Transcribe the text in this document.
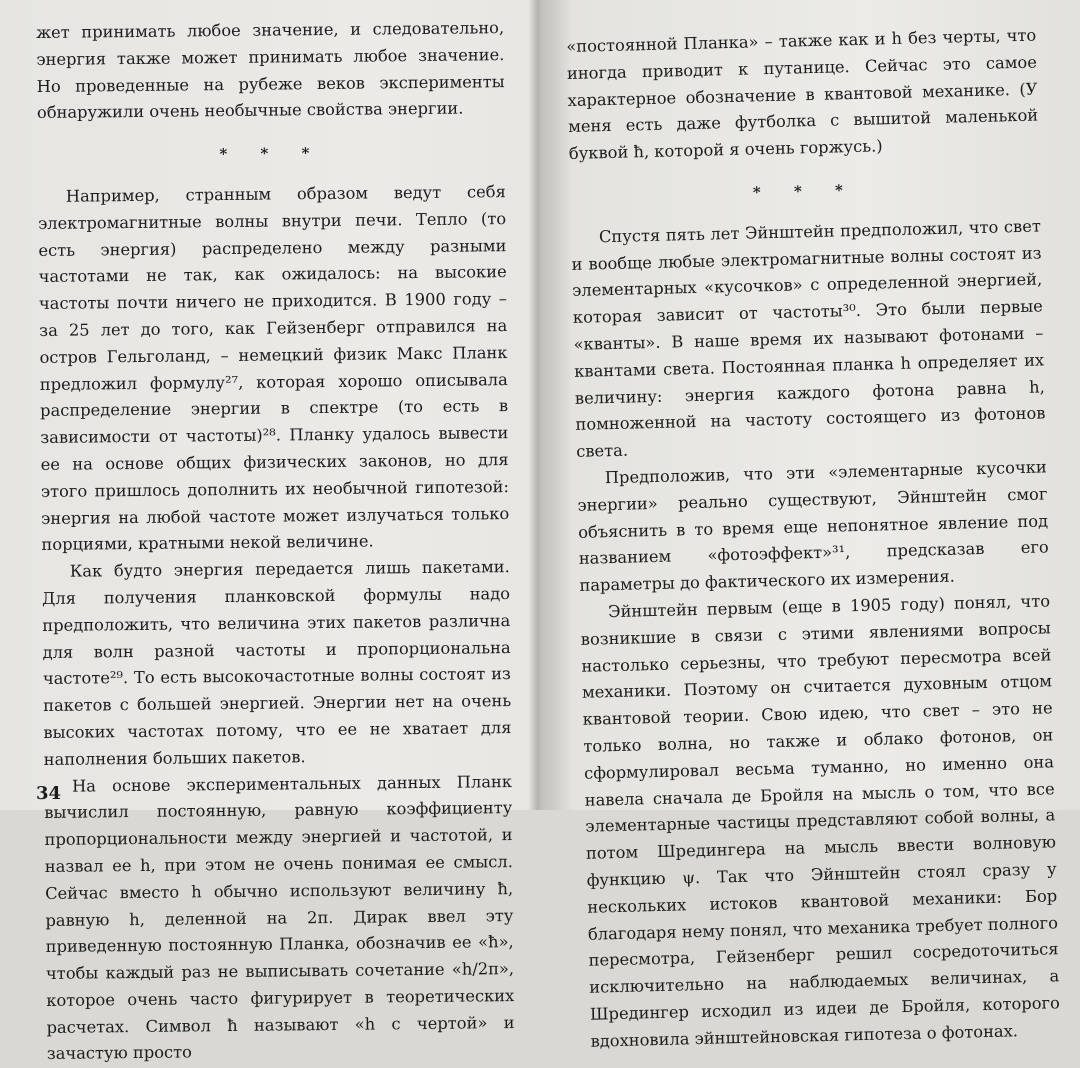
жет принимать любое значение, и следовательно, энергия также может принимать любое значение. Но проведенные на рубеже веков эксперименты обнаружили очень необычные свойства энергии.

* * *

Например, странным образом ведут себя электромагнитные волны внутри печи. Тепло (то есть энергия) распределено между разными частотами не так, как ожидалось: на высокие частоты почти ничего не приходится. В 1900 году – за 25 лет до того, как Гейзенберг отправился на остров Гельголанд, – немецкий физик Макс Планк предложил формулу²⁷, которая хорошо описывала распределение энергии в спектре (то есть в зависимости от частоты)²⁸. Планку удалось вывести ее на основе общих физических законов, но для этого пришлось дополнить их необычной гипотезой: энергия на любой частоте может излучаться только порциями, кратными некой величине.

Как будто энергия передается лишь пакетами. Для получения планковской формулы надо предположить, что величина этих пакетов различна для волн разной частоты и пропорциональна частоте²⁹. То есть высокочастотные волны состоят из пакетов с большей энергией. Энергии нет на очень высоких частотах потому, что ее не хватает для наполнения больших пакетов.

На основе экспериментальных данных Планк вычислил постоянную, равную коэффициенту пропорциональности между энергией и частотой, и назвал ее h, при этом не очень понимая ее смысл. Сейчас вместо h обычно используют величину ħ, равную h, деленной на 2π. Дирак ввел эту приведенную постоянную Планка, обозначив ее «ħ», чтобы каждый раз не выписывать сочетание «h/2π», которое очень часто фигурирует в теоретических расчетах. Символ ħ называют «h с чертой» и зачастую просто

«постоянной Планка» – также как и h без черты, что иногда приводит к путанице. Сейчас это самое характерное обозначение в квантовой механике. (У меня есть даже футболка с вышитой маленькой буквой ħ, которой я очень горжусь.)

* * *

Спустя пять лет Эйнштейн предположил, что свет и вообще любые электромагнитные волны состоят из элементарных «кусочков» с определенной энергией, которая зависит от частоты³⁰. Это были первые «кванты». В наше время их называют фотонами – квантами света. Постоянная планка h определяет их величину: энергия каждого фотона равна h, помноженной на частоту состоящего из фотонов света.

Предположив, что эти «элементарные кусочки энергии» реально существуют, Эйнштейн смог объяснить в то время еще непонятное явление под названием «фотоэффект»³¹, предсказав его параметры до фактического их измерения.

Эйнштейн первым (еще в 1905 году) понял, что возникшие в связи с этими явлениями вопросы настолько серьезны, что требуют пересмотра всей механики. Поэтому он считается духовным отцом квантовой теории. Свою идею, что свет – это не только волна, но также и облако фотонов, он сформулировал весьма туманно, но именно она навела сначала де Бройля на мысль о том, что все элементарные частицы представляют собой волны, а потом Шредингера на мысль ввести волновую функцию ψ. Так что Эйнштейн стоял сразу у нескольких истоков квантовой механики: Бор благодаря нему понял, что механика требует полного пересмотра, Гейзенберг решил сосредоточиться исключительно на наблюдаемых величинах, а Шредингер исходил из идеи де Бройля, которого вдохновила эйнштейновская гипотеза о фотонах.

34
